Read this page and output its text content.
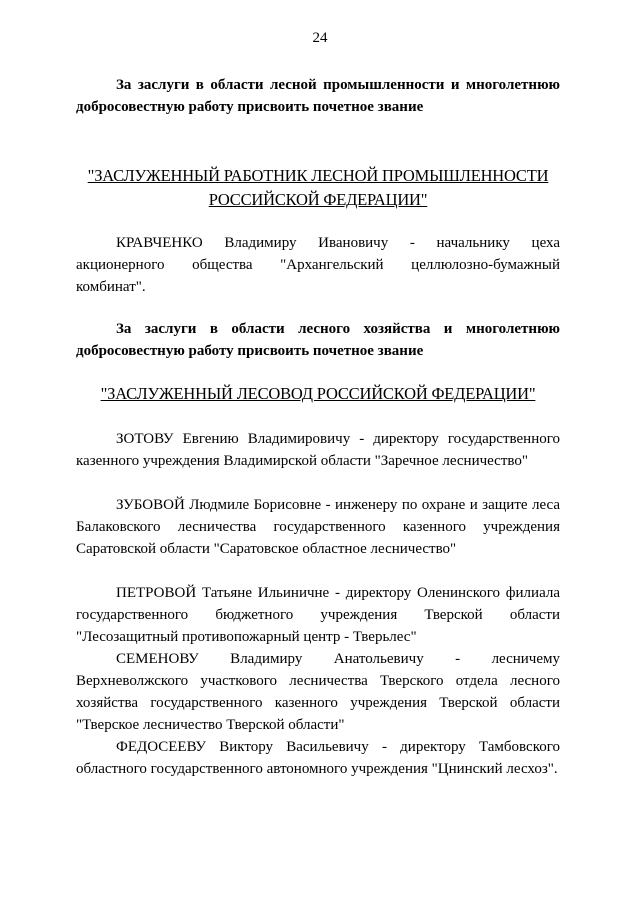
24

За заслуги в области лесной промышленности и многолетнюю добросовестную работу присвоить почетное звание

"ЗАСЛУЖЕННЫЙ РАБОТНИК ЛЕСНОЙ ПРОМЫШЛЕННОСТИ РОССИЙСКОЙ ФЕДЕРАЦИИ"

КРАВЧЕНКО Владимиру Ивановичу - начальнику цеха акционерного общества "Архангельский целлюлозно-бумажный комбинат".

За заслуги в области лесного хозяйства и многолетнюю добросовестную работу присвоить почетное звание

"ЗАСЛУЖЕННЫЙ ЛЕСОВОД РОССИЙСКОЙ ФЕДЕРАЦИИ"

ЗОТОВУ Евгению Владимировичу - директору государственного казенного учреждения Владимирской области "Заречное лесничество"

ЗУБОВОЙ Людмиле Борисовне - инженеру по охране и защите леса Балаковского лесничества государственного казенного учреждения Саратовской области "Саратовское областное лесничество"

ПЕТРОВОЙ Татьяне Ильиничне - директору Оленинского филиала государственного бюджетного учреждения Тверской области "Лесозащитный противопожарный центр - Тверьлес"

СЕМЕНОВУ Владимиру Анатольевичу - лесничему Верхневолжского участкового лесничества Тверского отдела лесного хозяйства государственного казенного учреждения Тверской области "Тверское лесничество Тверской области"

ФЕДОСЕЕВУ Виктору Васильевичу - директору Тамбовского областного государственного автономного учреждения "Цнинский лесхоз".
